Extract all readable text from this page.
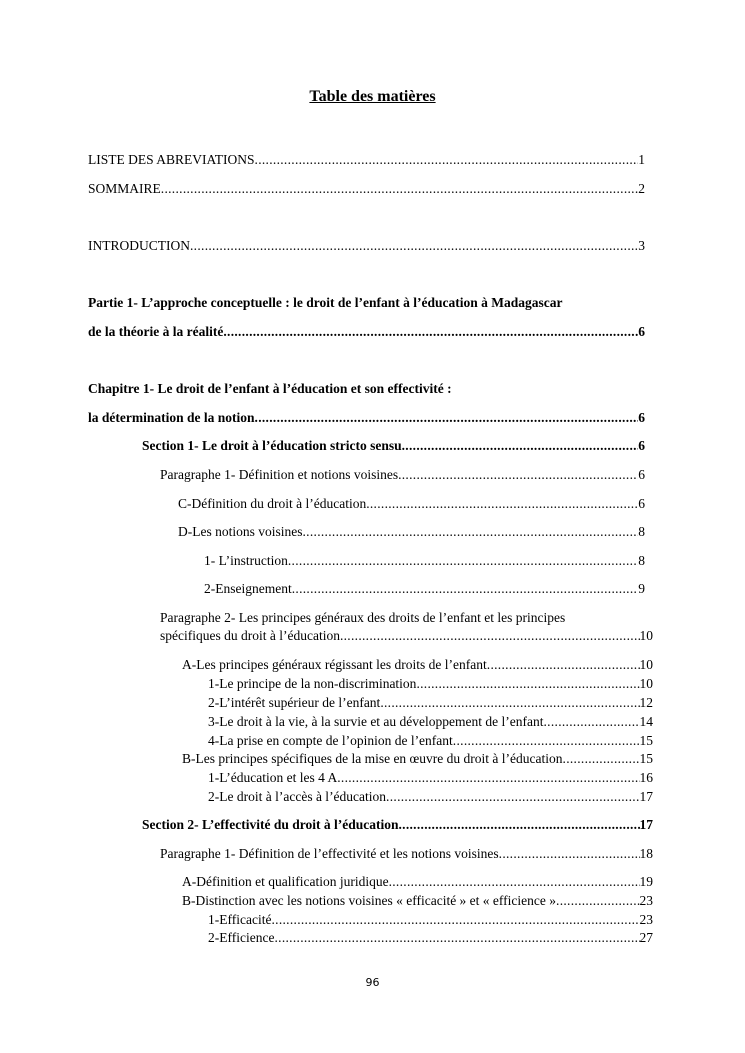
Table des matières
LISTE DES ABREVIATIONS .....	1
SOMMAIRE .....	2
INTRODUCTION .....	3
Partie 1- L’approche conceptuelle : le droit de l’enfant à l’éducation à Madagascar
de la théorie à la réalité .....	6
Chapitre 1- Le droit de l’enfant à l’éducation et son effectivité :
la détermination de la notion .....	6
Section 1- Le droit à l’éducation stricto sensu .....	6
Paragraphe 1- Définition et notions voisines .....	6
C- Définition du droit à l’éducation .....	6
D- Les notions voisines .....	8
1- L’instruction .....	8
2-Enseignement .....	9
Paragraphe 2- Les principes généraux des droits de l’enfant et les principes
spécifiques du droit à l’éducation .....	10
A- Les principes généraux régissant les droits de l’enfant .....	10
1- Le principe de la non-discrimination .....	10
2- L’intérêt supérieur de l’enfant .....	12
3- Le droit à la vie, à la survie et au développement de l’enfant .....	14
4- La prise en compte de l’opinion de l’enfant .....	15
B- Les principes spécifiques de la mise en œuvre du droit à l’éducation .....	15
1- L’éducation et les 4 A .....	16
2- Le droit à l’accès à l’éducation .....	17
Section 2- L’effectivité du droit à l’éducation .....	17
Paragraphe 1- Définition de l’effectivité et les notions voisines .....	18
A- Définition et qualification juridique .....	19
B- Distinction avec les notions voisines « efficacité » et « efficience » .....	23
1- Efficacité .....	23
2- Efficience .....	27
96
